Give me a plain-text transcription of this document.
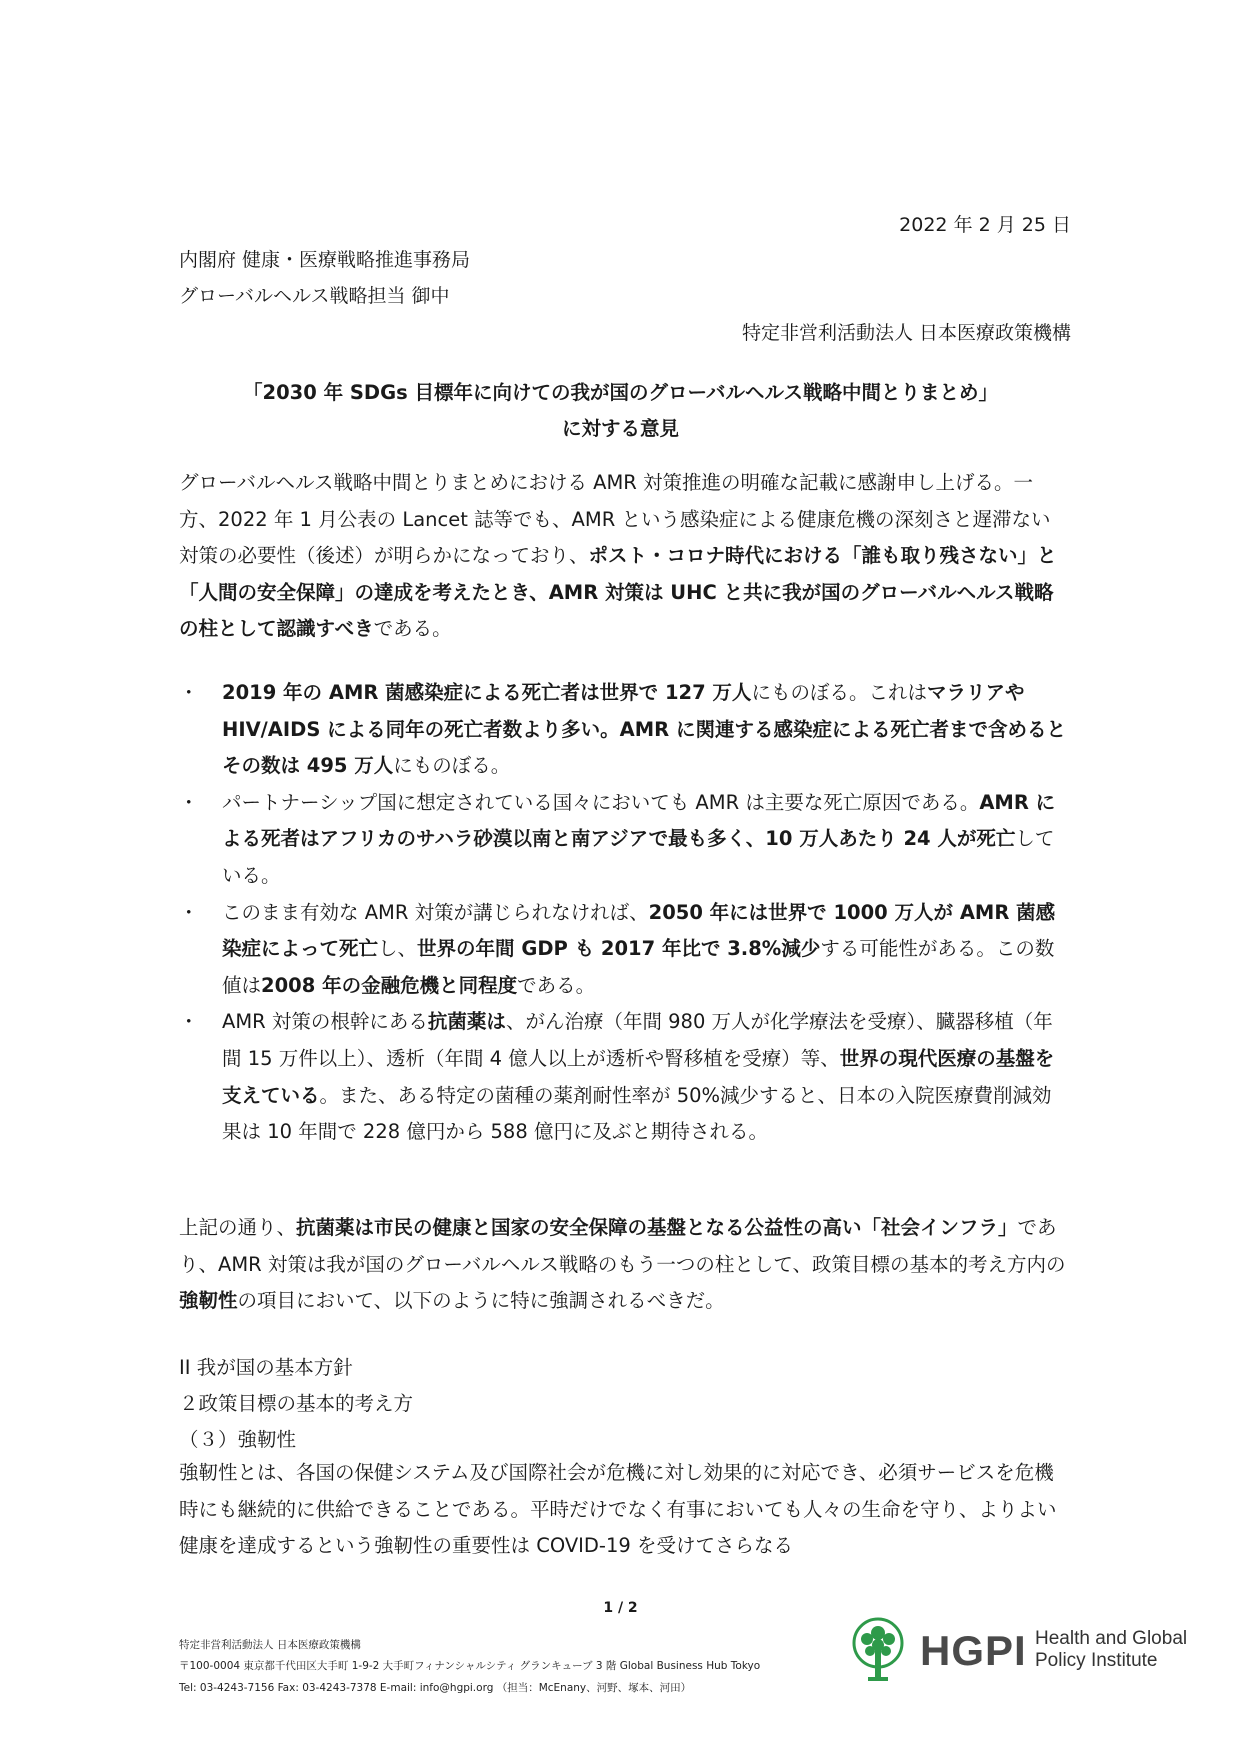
2022 年 2 月 25 日
内閣府 健康・医療戦略推進事務局
グローバルヘルス戦略担当 御中
特定非営利活動法人 日本医療政策機構
「2030 年 SDGs 目標年に向けての我が国のグローバルヘルス戦略中間とりまとめ」
に対する意見

グローバルヘルス戦略中間とりまとめにおける AMR 対策推進の明確な記載に感謝申し上げる。一方、2022 年 1 月公表の Lancet 誌等でも、AMR という感染症による健康危機の深刻さと遅滞ない対策の必要性（後述）が明らかになっており、ポスト・コロナ時代における「誰も取り残さない」と「人間の安全保障」の達成を考えたとき、AMR 対策は UHC と共に我が国のグローバルヘルス戦略の柱として認識すべきである。

・ 2019 年の AMR 菌感染症による死亡者は世界で 127 万人にものぼる。これはマラリアや HIV/AIDS による同年の死亡者数より多い。AMR に関連する感染症による死亡者まで含めるとその数は 495 万人にものぼる。
・ パートナーシップ国に想定されている国々においても AMR は主要な死亡原因である。AMR による死者はアフリカのサハラ砂漠以南と南アジアで最も多く、10 万人あたり 24 人が死亡している。
・ このまま有効な AMR 対策が講じられなければ、2050 年には世界で 1000 万人が AMR 菌感染症によって死亡し、世界の年間 GDP も 2017 年比で 3.8%減少する可能性がある。この数値は2008 年の金融危機と同程度である。
・ AMR 対策の根幹にある抗菌薬は、がん治療（年間 980 万人が化学療法を受療）、臓器移植（年間 15 万件以上）、透析（年間 4 億人以上が透析や腎移植を受療）等、世界の現代医療の基盤を支えている。また、ある特定の菌種の薬剤耐性率が 50%減少すると、日本の入院医療費削減効果は 10 年間で 228 億円から 588 億円に及ぶと期待される。

上記の通り、抗菌薬は市民の健康と国家の安全保障の基盤となる公益性の高い「社会インフラ」であり、AMR 対策は我が国のグローバルヘルス戦略のもう一つの柱として、政策目標の基本的考え方内の強靭性の項目において、以下のように特に強調されるべきだ。

II 我が国の基本方針
２政策目標の基本的考え方
（３）強靭性

強靭性とは、各国の保健システム及び国際社会が危機に対し効果的に対応でき、必須サービスを危機時にも継続的に供給できることである。平時だけでなく有事においても人々の生命を守り、よりよい健康を達成するという強靭性の重要性は COVID-19 を受けてさらなる

1 / 2
特定非営利活動法人 日本医療政策機構
〒100-0004 東京都千代田区大手町 1-9-2 大手町フィナンシャルシティ グランキューブ 3 階 Global Business Hub Tokyo
Tel: 03-4243-7156 Fax: 03-4243-7378 E-mail: info@hgpi.org （担当：McEnany、河野、塚本、河田）
HGPI Health and Global
Policy Institute
